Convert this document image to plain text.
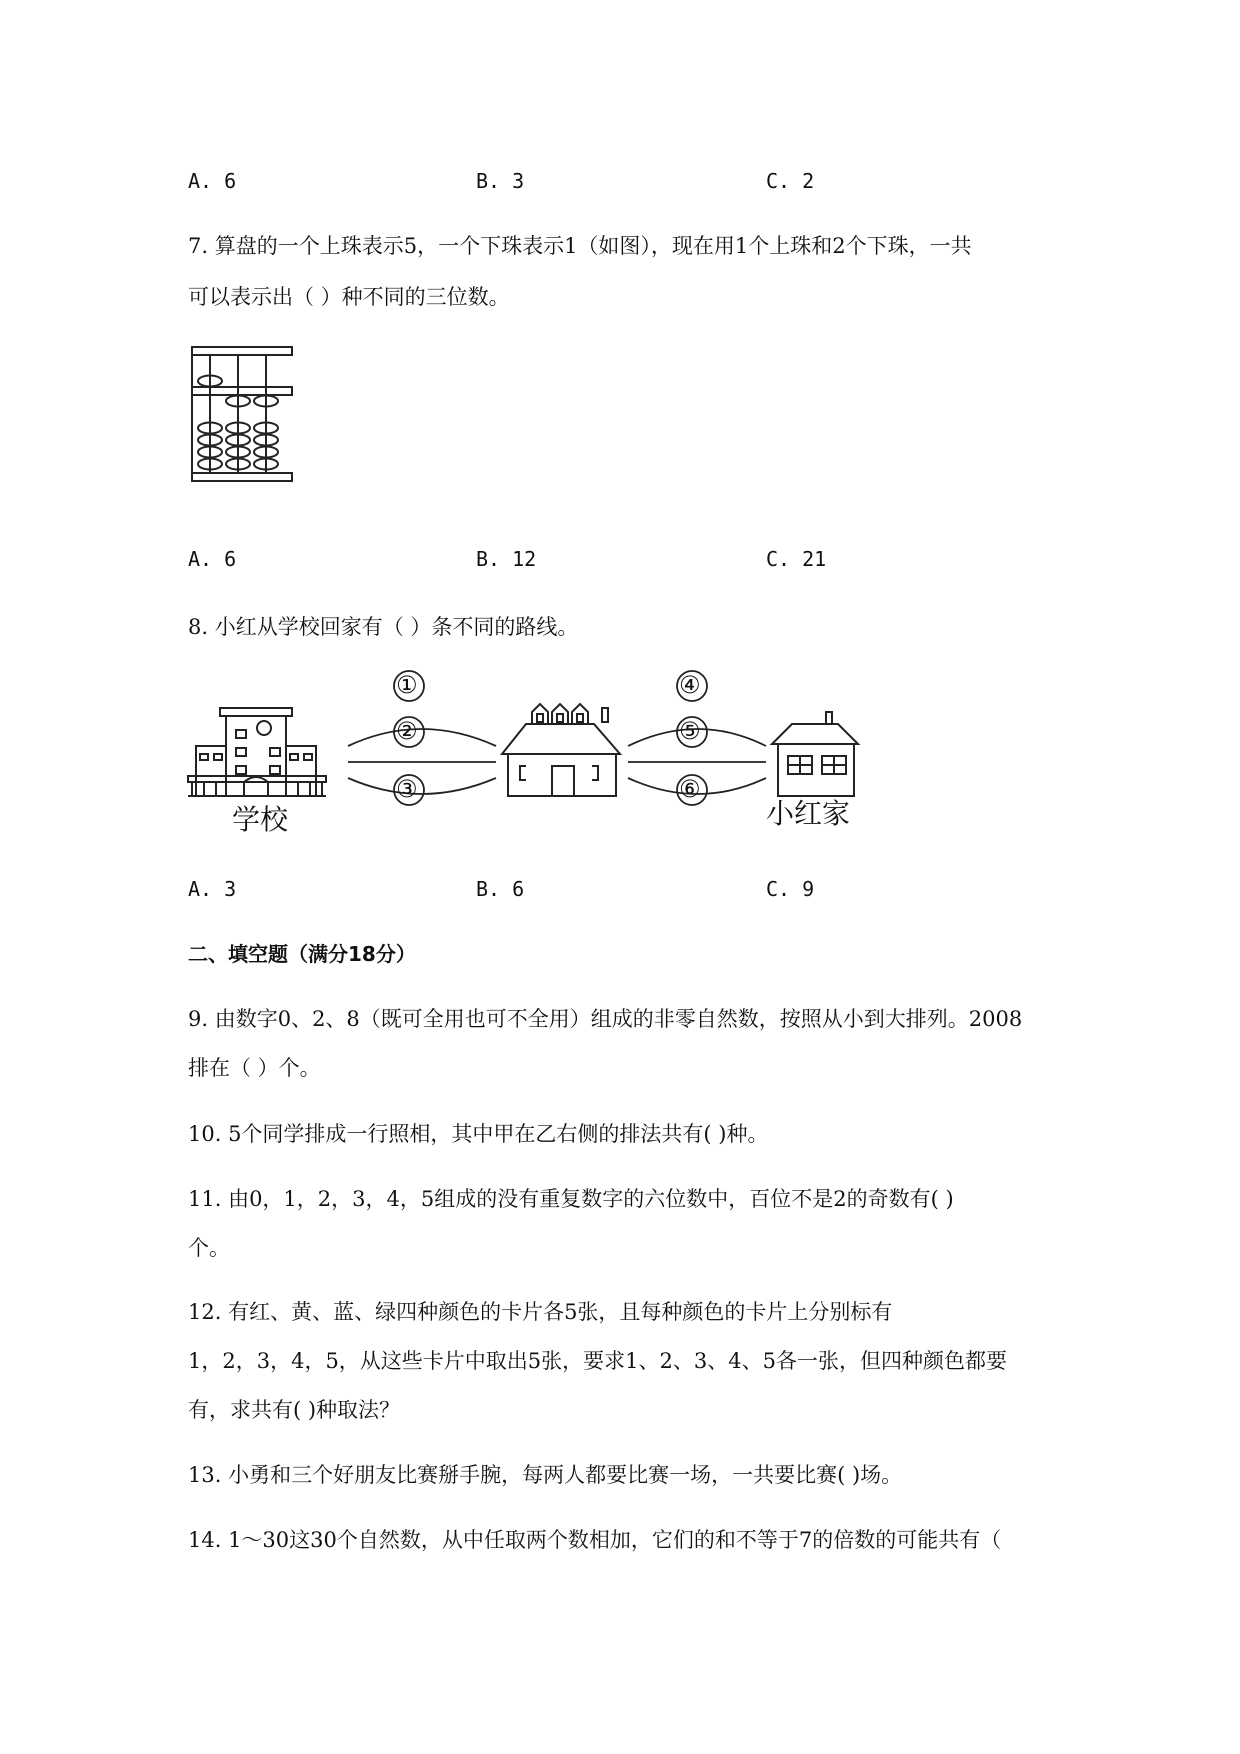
A. 6	B. 3	C. 2
7. 算盘的一个上珠表示5，一个下珠表示1（如图），现在用1个上珠和2个下珠，一共
可以表示出（ ）种不同的三位数。
A. 6	B. 12	C. 21
8. 小红从学校回家有（ ）条不同的路线。
①
②
③
④
⑤
⑥
学校	小红家
A. 3	B. 6	C. 9
二、填空题（满分18分）
9. 由数字0、2、8（既可全用也可不全用）组成的非零自然数，按照从小到大排列。2008
排在（ ）个。
10. 5个同学排成一行照相，其中甲在乙右侧的排法共有( )种。
11. 由0，1，2，3，4，5组成的没有重复数字的六位数中，百位不是2的奇数有( )
个。
12. 有红、黄、蓝、绿四种颜色的卡片各5张，且每种颜色的卡片上分别标有
1，2，3，4，5，从这些卡片中取出5张，要求1、2、3、4、5各一张，但四种颜色都要
有，求共有( )种取法？
13. 小勇和三个好朋友比赛掰手腕，每两人都要比赛一场，一共要比赛( )场。
14. 1～30这30个自然数，从中任取两个数相加，它们的和不等于7的倍数的可能共有（
